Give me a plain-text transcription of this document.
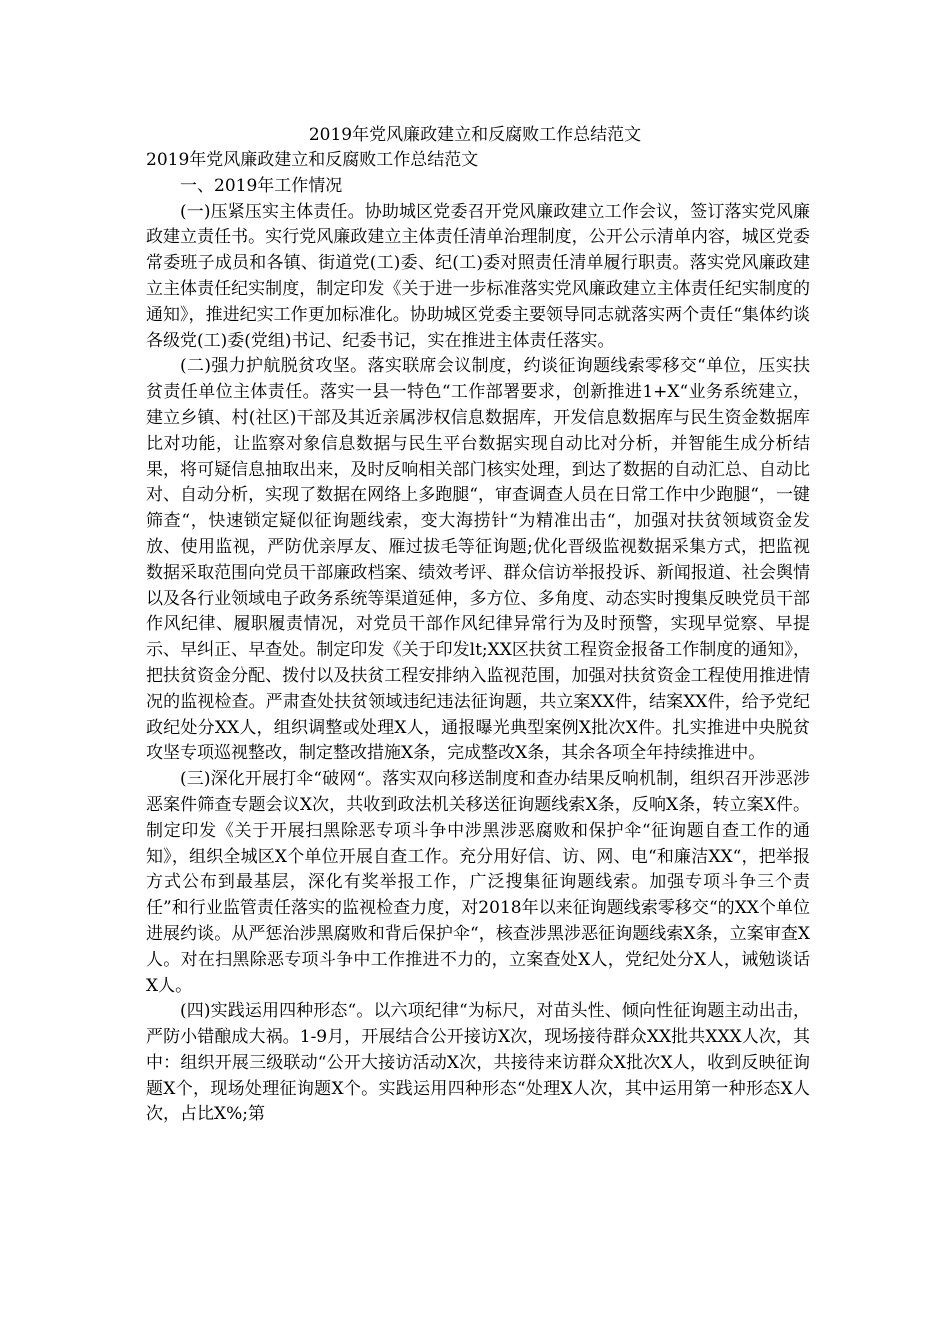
2019年党风廉政建立和反腐败工作总结范文

2019年党风廉政建立和反腐败工作总结范文

一、2019年工作情况

(一)压紧压实主体责任。协助城区党委召开党风廉政建立工作会议，签订落实党风廉政建立责任书。实行党风廉政建立主体责任清单治理制度，公开公示清单内容，城区党委常委班子成员和各镇、街道党(工)委、纪(工)委对照责任清单履行职责。落实党风廉政建立主体责任纪实制度，制定印发《关于进一步标准落实党风廉政建立主体责任纪实制度的通知》，推进纪实工作更加标准化。协助城区党委主要领导同志就落实两个责任“集体约谈各级党(工)委(党组)书记、纪委书记，实在推进主体责任落实。

(二)强力护航脱贫攻坚。落实联席会议制度，约谈征询题线索零移交“单位，压实扶贫责任单位主体责任。落实一县一特色“工作部署要求，创新推进1+X“业务系统建立，建立乡镇、村(社区)干部及其近亲属涉权信息数据库，开发信息数据库与民生资金数据库比对功能，让监察对象信息数据与民生平台数据实现自动比对分析，并智能生成分析结果，将可疑信息抽取出来，及时反响相关部门核实处理，到达了数据的自动汇总、自动比对、自动分析，实现了数据在网络上多跑腿“，审查调查人员在日常工作中少跑腿“，一键筛查“，快速锁定疑似征询题线索，变大海捞针“为精准出击“，加强对扶贫领域资金发放、使用监视，严防优亲厚友、雁过拔毛等征询题;优化晋级监视数据采集方式，把监视数据采取范围向党员干部廉政档案、绩效考评、群众信访举报投诉、新闻报道、社会舆情以及各行业领域电子政务系统等渠道延伸，多方位、多角度、动态实时搜集反映党员干部作风纪律、履职履责情况，对党员干部作风纪律异常行为及时预警，实现早觉察、早提示、早纠正、早查处。制定印发《关于印发lt;XX区扶贫工程资金报备工作制度的通知》，把扶贫资金分配、拨付以及扶贫工程安排纳入监视范围，加强对扶贫资金工程使用推进情况的监视检查。严肃查处扶贫领域违纪违法征询题，共立案XX件，结案XX件，给予党纪政纪处分XX人，组织调整或处理X人，通报曝光典型案例X批次X件。扎实推进中央脱贫攻坚专项巡视整改，制定整改措施X条，完成整改X条，其余各项全年持续推进中。

(三)深化开展打伞“破网“。落实双向移送制度和查办结果反响机制，组织召开涉恶涉恶案件筛查专题会议X次，共收到政法机关移送征询题线索X条，反响X条，转立案X件。制定印发《关于开展扫黑除恶专项斗争中涉黑涉恶腐败和保护伞“征询题自查工作的通知》，组织全城区X个单位开展自查工作。充分用好信、访、网、电“和廉洁XX“，把举报方式公布到最基层，深化有奖举报工作，广泛搜集征询题线索。加强专项斗争三个责任”和行业监管责任落实的监视检查力度，对2018年以来征询题线索零移交“的XX个单位进展约谈。从严惩治涉黑腐败和背后保护伞“，核查涉黑涉恶征询题线索X条，立案审查X人。对在扫黑除恶专项斗争中工作推进不力的，立案查处X人，党纪处分X人，诫勉谈话X人。

(四)实践运用四种形态“。以六项纪律“为标尺，对苗头性、倾向性征询题主动出击，严防小错酿成大祸。1-9月，开展结合公开接访X次，现场接待群众XX批共XXX人次，其中：组织开展三级联动“公开大接访活动X次，共接待来访群众X批次X人，收到反映征询题X个，现场处理征询题X个。实践运用四种形态“处理X人次，其中运用第一种形态X人次，占比X%;第
